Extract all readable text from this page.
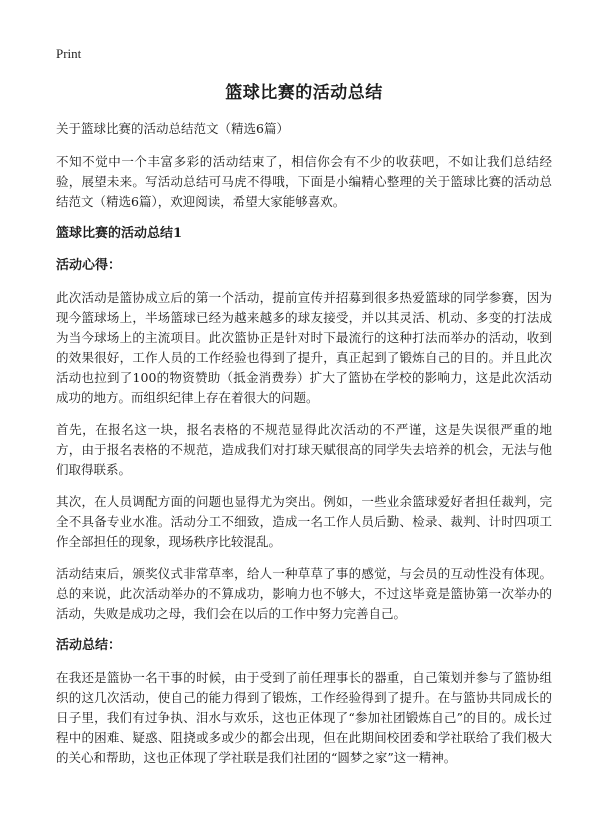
Print
篮球比赛的活动总结
关于篮球比赛的活动总结范文（精选6篇）

不知不觉中一个丰富多彩的活动结束了，相信你会有不少的收获吧，不如让我们总结经验，展望未来。写活动总结可马虎不得哦，下面是小编精心整理的关于篮球比赛的活动总结范文（精选6篇），欢迎阅读，希望大家能够喜欢。

篮球比赛的活动总结1
活动心得：

此次活动是篮协成立后的第一个活动，提前宣传并招募到很多热爱篮球的同学参赛，因为现今篮球场上，半场篮球已经为越来越多的球友接受，并以其灵活、机动、多变的打法成为当今球场上的主流项目。此次篮协正是针对时下最流行的这种打法而举办的活动，收到的效果很好，工作人员的工作经验也得到了提升，真正起到了锻炼自己的目的。并且此次活动也拉到了100的物资赞助（抵金消费券）扩大了篮协在学校的影响力，这是此次活动成功的地方。而组织纪律上存在着很大的问题。

首先，在报名这一块，报名表格的不规范显得此次活动的不严谨，这是失误很严重的地方，由于报名表格的不规范，造成我们对打球天赋很高的同学失去培养的机会，无法与他们取得联系。

其次，在人员调配方面的问题也显得尤为突出。例如，一些业余篮球爱好者担任裁判，完全不具备专业水准。活动分工不细致，造成一名工作人员后勤、检录、裁判、计时四项工作全部担任的现象，现场秩序比较混乱。

活动结束后，颁奖仪式非常草率，给人一种草草了事的感觉，与会员的互动性没有体现。总的来说，此次活动举办的不算成功，影响力也不够大，不过这毕竟是篮协第一次举办的活动，失败是成功之母，我们会在以后的工作中努力完善自己。

活动总结：

在我还是篮协一名干事的时候，由于受到了前任理事长的器重，自己策划并参与了篮协组织的这几次活动，使自己的能力得到了锻炼，工作经验得到了提升。在与篮协共同成长的日子里，我们有过争执、泪水与欢乐，这也正体现了“参加社团锻炼自己”的目的。成长过程中的困难、疑惑、阻挠或多或少的都会出现，但在此期间校团委和学社联给了我们极大的关心和帮助，这也正体现了学社联是我们社团的“圆梦之家”这一精神。
